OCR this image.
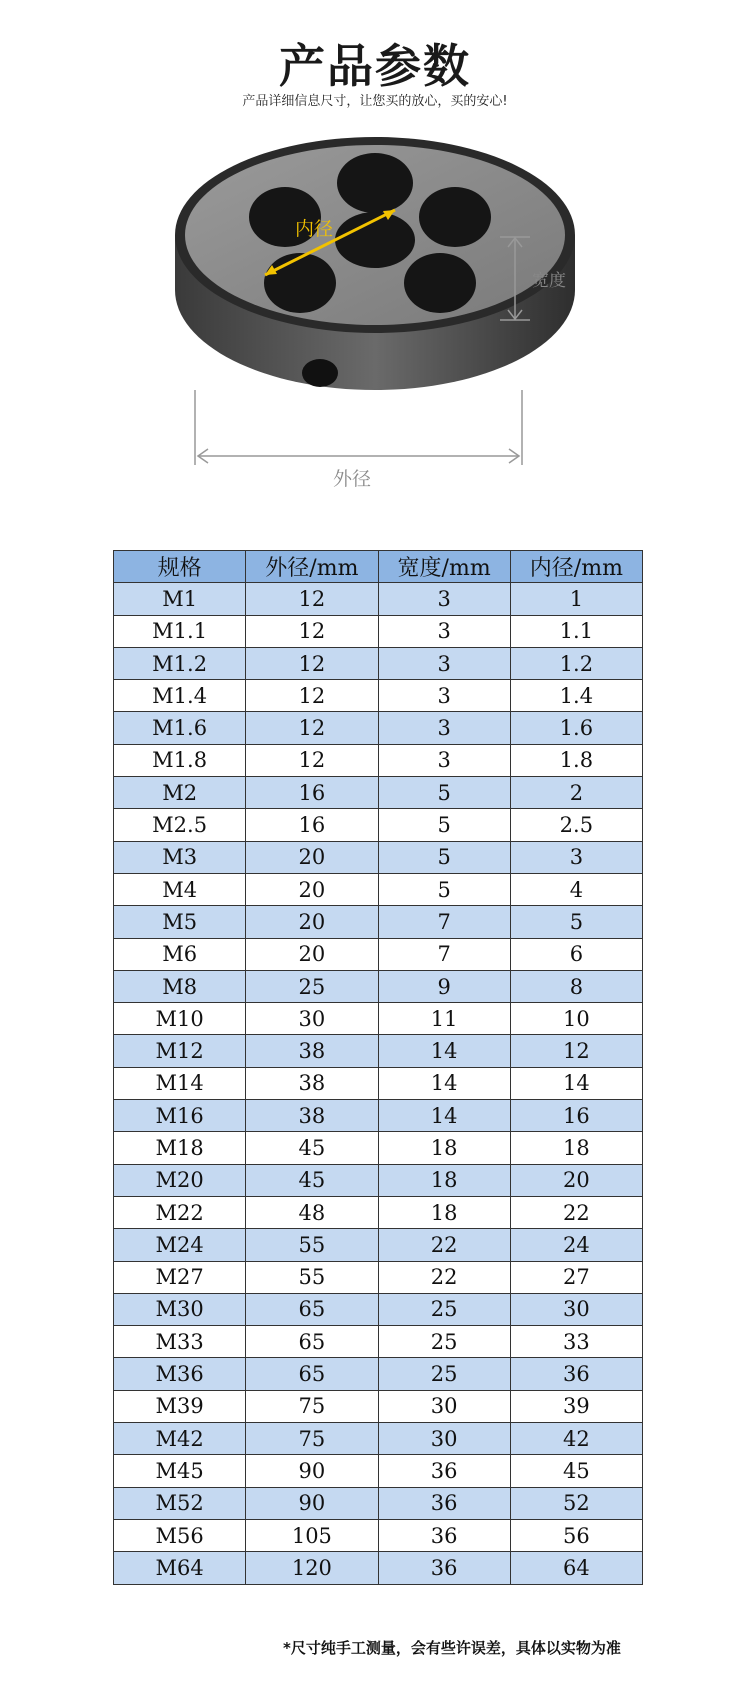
产品参数
产品详细信息尺寸，让您买的放心，买的安心!
内径
宽度
外径
规格	外径/mm	宽度/mm	内径/mm
M1	12	3	1
M1.1	12	3	1.1
M1.2	12	3	1.2
M1.4	12	3	1.4
M1.6	12	3	1.6
M1.8	12	3	1.8
M2	16	5	2
M2.5	16	5	2.5
M3	20	5	3
M4	20	5	4
M5	20	7	5
M6	20	7	6
M8	25	9	8
M10	30	11	10
M12	38	14	12
M14	38	14	14
M16	38	14	16
M18	45	18	18
M20	45	18	20
M22	48	18	22
M24	55	22	24
M27	55	22	27
M30	65	25	30
M33	65	25	33
M36	65	25	36
M39	75	30	39
M42	75	30	42
M45	90	36	45
M52	90	36	52
M56	105	36	56
M64	120	36	64
*尺寸纯手工测量，会有些许误差，具体以实物为准
